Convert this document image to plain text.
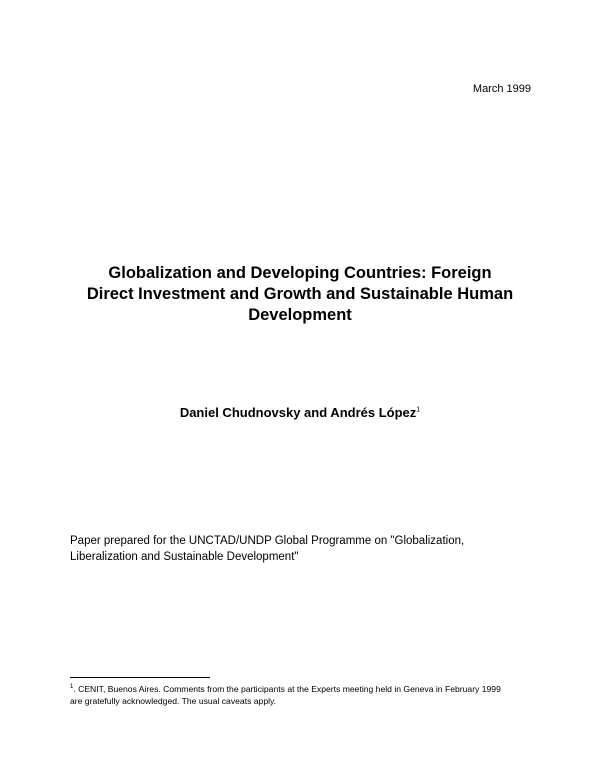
March 1999
Globalization and Developing Countries: Foreign
Direct Investment and Growth and Sustainable Human
Development
Daniel Chudnovsky and Andrés López$^1$
Paper prepared for the UNCTAD/UNDP Global Programme on "Globalization,
Liberalization and Sustainable Development"
$^1$. CENIT, Buenos Aires. Comments from the participants at the Experts meeting held in Geneva in February 1999
are gratefully acknowledged. The usual caveats apply.
